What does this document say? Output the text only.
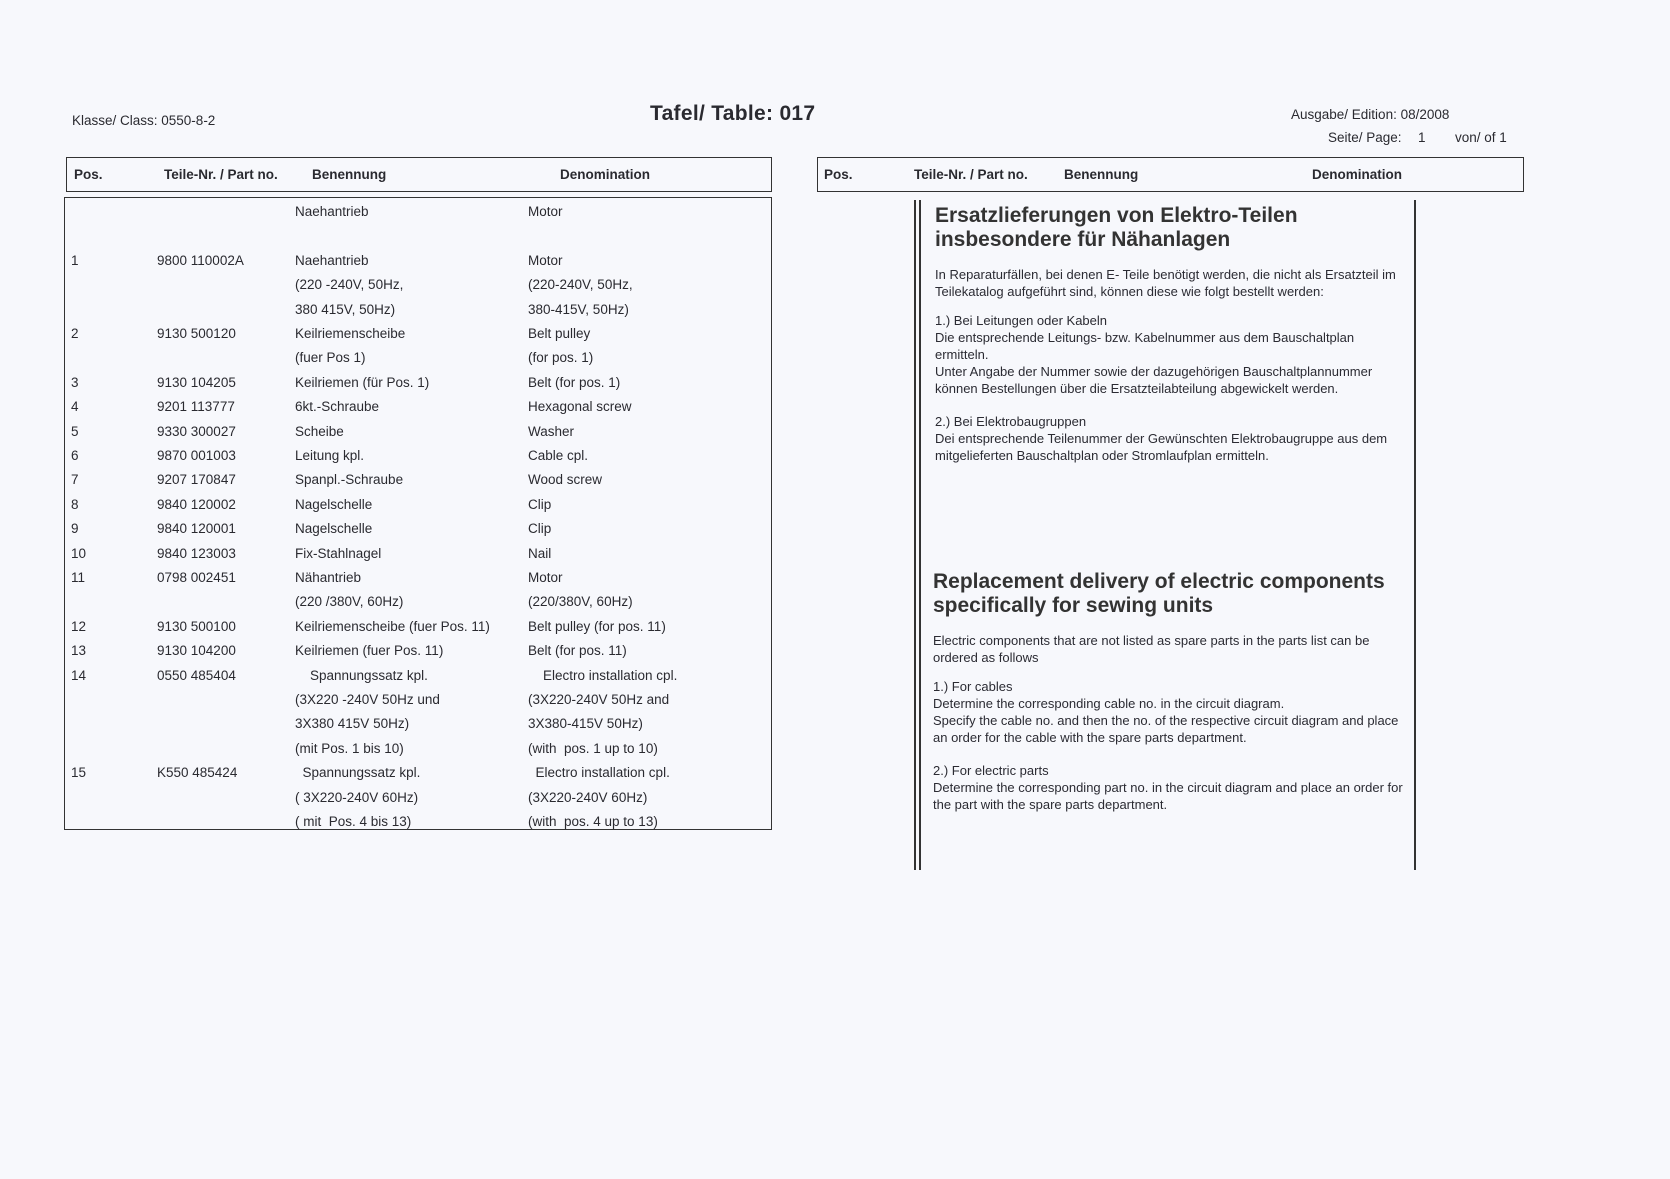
Klasse/ Class: 0550-8-2	Tafel/ Table: 017	Ausgabe/ Edition: 08/2008
Seite/ Page: 1 von/ of 1
Pos.	Teile-Nr. / Part no.	Benennung	Denomination	Pos.	Teile-Nr. / Part no.	Benennung	Denomination
Naehantrieb	Motor
1	9800 110002A	Naehantrieb	Motor
(220 -240V, 50Hz,	(220-240V, 50Hz,
380 415V, 50Hz)	380-415V, 50Hz)
2	9130 500120	Keilriemenscheibe	Belt pulley
(fuer Pos 1)	(for pos. 1)
3	9130 104205	Keilriemen (für Pos. 1)	Belt (for pos. 1)
4	9201 113777	6kt.-Schraube	Hexagonal screw
5	9330 300027	Scheibe	Washer
6	9870 001003	Leitung kpl.	Cable cpl.
7	9207 170847	Spanpl.-Schraube	Wood screw
8	9840 120002	Nagelschelle	Clip
9	9840 120001	Nagelschelle	Clip
10	9840 123003	Fix-Stahlnagel	Nail
11	0798 002451	Nähantrieb	Motor
(220 /380V, 60Hz)	(220/380V, 60Hz)
12	9130 500100	Keilriemenscheibe (fuer Pos. 11)	Belt pulley (for pos. 11)
13	9130 104200	Keilriemen (fuer Pos. 11)	Belt (for pos. 11)
14	0550 485404	Spannungssatz kpl.	Electro installation cpl.
(3X220 -240V 50Hz und	(3X220-240V 50Hz and
3X380 415V 50Hz)	3X380-415V 50Hz)
(mit Pos. 1 bis 10)	(with  pos. 1 up to 10)
15	K550 485424	Spannungssatz kpl.	Electro installation cpl.
( 3X220-240V 60Hz)	(3X220-240V 60Hz)
( mit  Pos. 4 bis 13)	(with  pos. 4 up to 13)
Ersatzlieferungen von Elektro-Teilen insbesondere für Nähanlagen

In Reparaturfällen, bei denen E- Teile benötigt werden, die nicht als Ersatzteil im Teilekatalog aufgeführt sind, können diese wie folgt bestellt werden:

1.) Bei Leitungen oder Kabeln
Die entsprechende Leitungs- bzw. Kabelnummer aus dem Bauschaltplan ermitteln.
Unter Angabe der Nummer sowie der dazugehörigen Bauschaltplannummer können Bestellungen über die Ersatzteilabteilung abgewickelt werden.
2.) Bei Elektrobaugruppen
Dei entsprechende Teilenummer der Gewünschten Elektrobaugruppe aus dem mitgelieferten Bauschaltplan oder Stromlaufplan ermitteln.
Replacement delivery of electric components specifically for sewing units

Electric components that are not listed as spare parts in the parts list can be ordered as follows

1.) For cables
Determine the corresponding cable no. in the circuit diagram.
Specify the cable no. and then the no. of the respective circuit diagram and place an order for the cable with the spare parts department.
2.) For electric parts
Determine the corresponding part no. in the circuit diagram and place an order for the part with the spare parts department.
